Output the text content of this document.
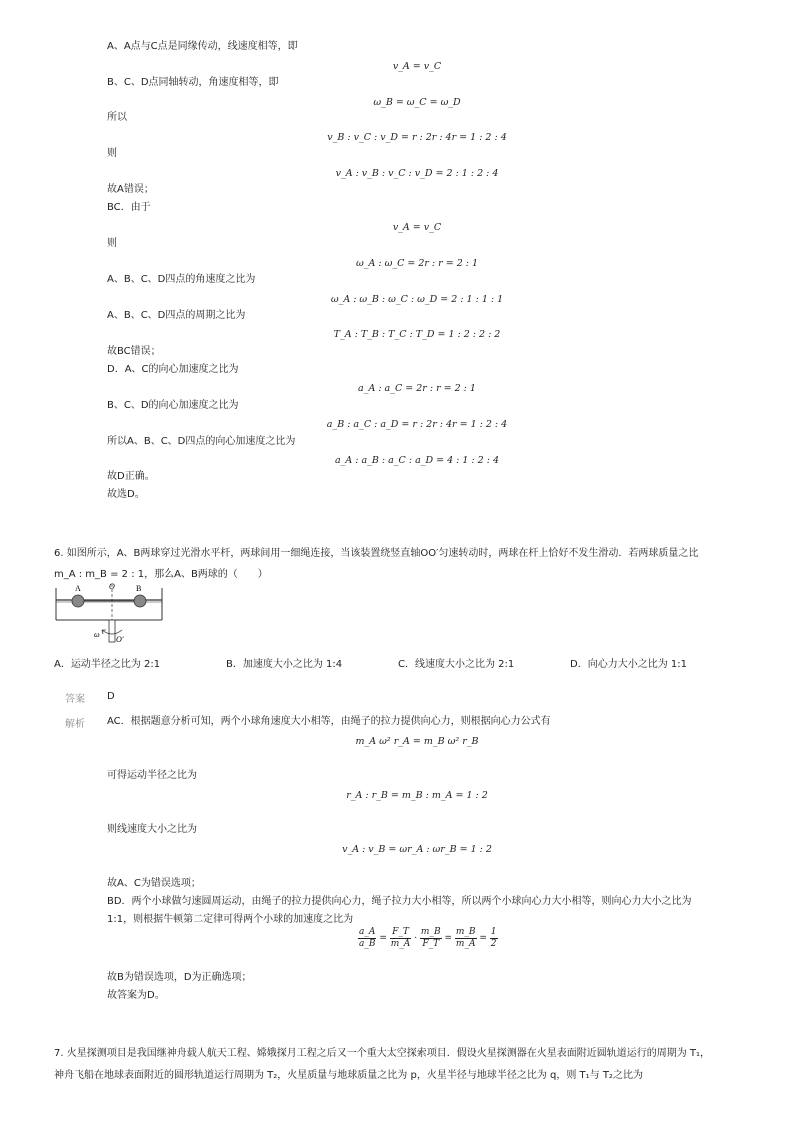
A、A点与C点是同缘传动，线速度相等，即
v_A = v_C
B、C、D点同轴转动，角速度相等，即
ω_B = ω_C = ω_D
所以
v_B : v_C : v_D = r : 2r : 4r = 1 : 2 : 4
则
v_A : v_B : v_C : v_D = 2 : 1 : 2 : 4
故A错误；
BC．由于
v_A = v_C
则
ω_A : ω_C = 2r : r = 2 : 1
A、B、C、D四点的角速度之比为
ω_A : ω_B : ω_C : ω_D = 2 : 1 : 1 : 1
A、B、C、D四点的周期之比为
T_A : T_B : T_C : T_D = 1 : 2 : 2 : 2
故BC错误；
D．A、C的向心加速度之比为
a_A : a_C = 2r : r = 2 : 1
B、C、D的向心加速度之比为
a_B : a_C : a_D = r : 2r : 4r = 1 : 2 : 4
所以A、B、C、D四点的向心加速度之比为
a_A : a_B : a_C : a_D = 4 : 1 : 2 : 4
故D正确。
故选D。
6. 如图所示，A、B两球穿过光滑水平杆，两球间用一细绳连接，当该装置绕竖直轴OO′匀速转动时，两球在杆上恰好不发生滑动．若两球质量之比
m_A : m_B = 2 : 1，那么A、B两球的（　　）
A	B
O
O′
ω
A．运动半径之比为 2:1	B．加速度大小之比为 1:4	C．线速度大小之比为 2:1	D．向心力大小之比为 1:1
答案 D
解析 AC．根据题意分析可知，两个小球角速度大小相等，由绳子的拉力提供向心力，则根据向心力公式有
m_A ω² r_A = m_B ω² r_B
可得运动半径之比为
r_A : r_B = m_B : m_A = 1 : 2
则线速度大小之比为
v_A : v_B = ωr_A : ωr_B = 1 : 2
故A、C为错误选项；
BD．两个小球做匀速圆周运动，由绳子的拉力提供向心力，绳子拉力大小相等，所以两个小球向心力大小相等，则向心力大小之比为
1:1，则根据牛顿第二定律可得两个小球的加速度之比为
$\frac{a\_A}{a\_B} = \frac{F\_T}{m\_A} \cdot \frac{m\_B}{F\_T} = \frac{m\_B}{m\_A} = \frac{1}{2}$
故B为错误选项，D为正确选项；
故答案为D。
7. 火星探测项目是我国继神舟载人航天工程、嫦娥探月工程之后又一个重大太空探索项目．假设火星探测器在火星表面附近圆轨道运行的周期为 T₁，
神舟飞船在地球表面附近的圆形轨道运行周期为 T₂，火星质量与地球质量之比为 p，火星半径与地球半径之比为 q，则 T₁与 T₂之比为
